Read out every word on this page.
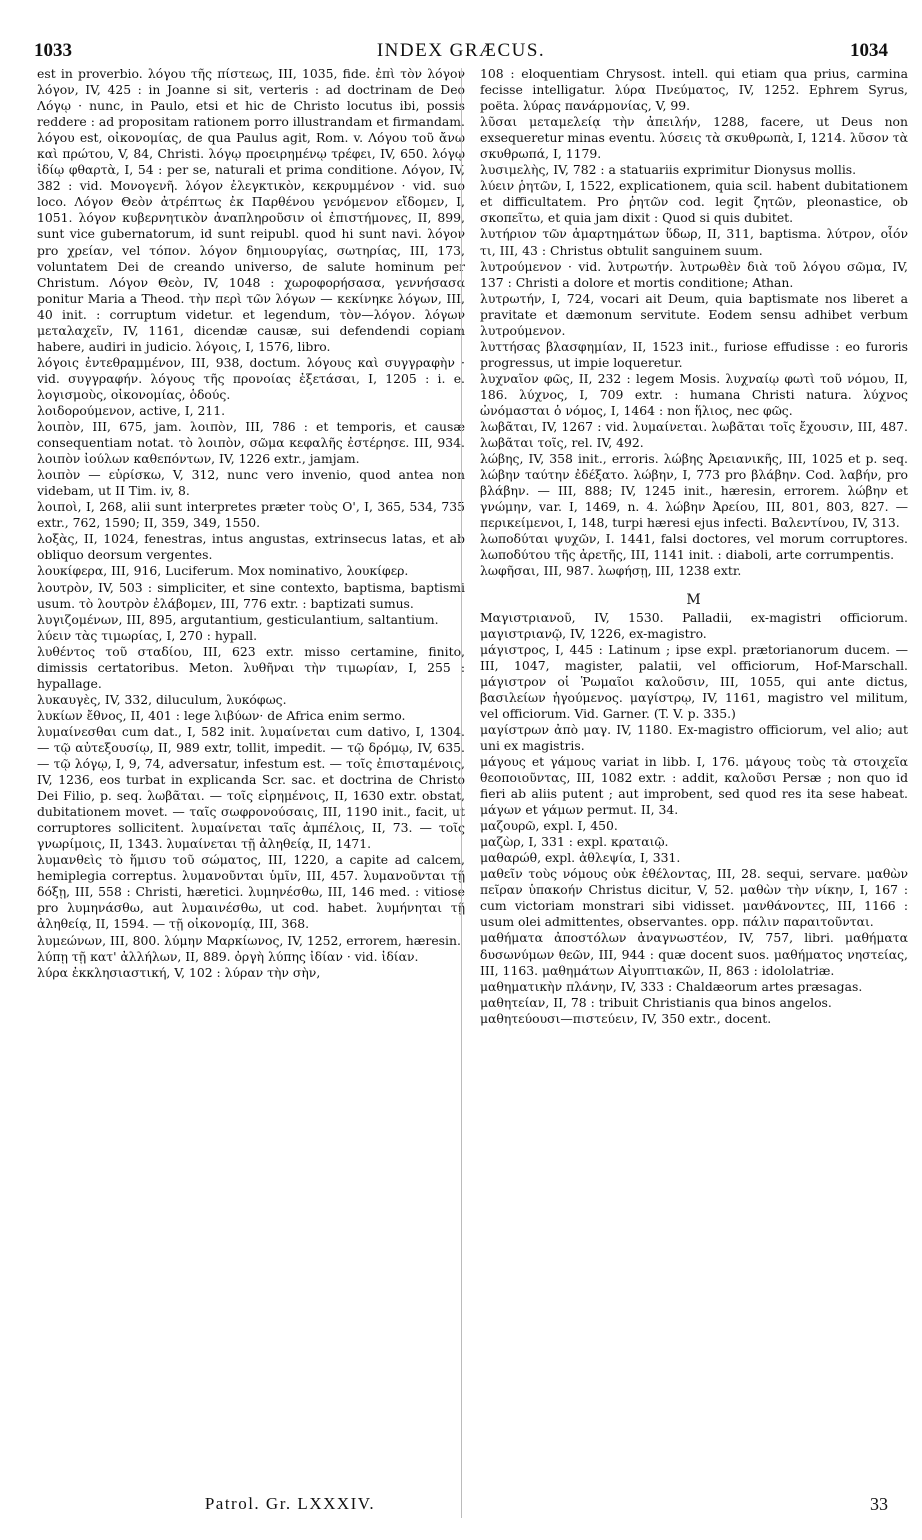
1033	INDEX GRÆCUS.	1034

est in proverbio. λόγου τῆς πίστεως, III, 1035, fide. ἐπὶ τὸν λόγον λόγον, IV, 425 : in Joanne si sit, verteris : ad doctrinam de Deo Λόγῳ · nunc, in Paulo, etsi et hic de Christo locutus ibi, possis reddere : ad propositam rationem porro illustrandam et firmandam. λόγου est, οἰκονομίας, de qua Paulus agit, Rom. v. Λόγου τοῦ ἄνω καὶ πρώτου, V, 84, Christi. λόγῳ προειρημένῳ τρέφει, IV, 650. λόγῳ ἰδίῳ φθαρτὰ, I, 54 : per se, naturali et prima conditione. Λόγον, IV, 382 : vid. Μονογενῆ. λόγον ἐλεγκτικὸν, κεκρυμμένον · vid. suo loco. Λόγον Θεὸν ἀτρέπτως ἐκ Παρθένου γενόμενον εἴδομεν, I, 1051. λόγον κυβερνητικὸν ἀναπληροῦσιν οἱ ἐπιστήμονες, II, 899, sunt vice gubernatorum, id sunt reipubl. quod hi sunt navi. λόγον pro χρείαν, vel τόπον. λόγον δημιουργίας, σωτηρίας, III, 173, voluntatem Dei de creando universo, de salute hominum per Christum. Λόγον Θεὸν, IV, 1048 : χωροφορήσασα, γεννήσασα ponitur Maria a Theod. τὴν περὶ τῶν λόγων — κεκίνηκε λόγων, III, 40 init. : corruptum videtur. et legendum, τὸν—λόγον. λόγων μεταλαχεῖν, IV, 1161, dicendæ causæ, sui defendendi copiam habere, audiri in judicio. λόγοις, I, 1576, libro.

λόγοις ἐντεθραμμένον, III, 938, doctum. λόγους καὶ συγγραφὴν · vid. συγγραφήν. λόγους τῆς προνοίας ἐξετάσαι, I, 1205 : i. e. λογισμοὺς, οἰκονομίας, ὁδούς.

λοιδορούμενον, active, I, 211.

λοιπὸν, III, 675, jam. λοιπὸν, III, 786 : et temporis, et causæ consequentiam notat. τὸ λοιπὸν, σῶμα κεφαλῆς ἐστέρησε. III, 934. λοιπὸν ἰούλων καθεπόντων, IV, 1226 extr., jamjam.

λοιπὸν — εὑρίσκω, V, 312, nunc vero invenio, quod antea non videbam, ut II Tim. iv, 8.

λοιποὶ, I, 268, alii sunt interpretes præter τοὺς Ο', I, 365, 534, 735 extr., 762, 1590; II, 359, 349, 1550.

λοξὰς, II, 1024, fenestras, intus angustas, extrinsecus latas, et ab obliquo deorsum vergentes.

λουκίφερα, III, 916, Luciferum. Mox nominativo, λουκίφερ.

λουτρὸν, IV, 503 : simpliciter, et sine contexto, baptisma, baptismi usum. τὸ λουτρὸν ἐλάβομεν, III, 776 extr. : baptizati sumus.

λυγιζομένων, III, 895, argutantium, gesticulantium, saltantium.

λύειν τὰς τιμωρίας, I, 270 : hypall.

λυθέντος τοῦ σταδίου, III, 623 extr. misso certamine, finito, dimissis certatoribus. Meton. λυθῆναι τὴν τιμωρίαν, I, 255 : hypallage.

λυκαυγὲς, IV, 332, diluculum, λυκόφως.

λυκίων ἔθνος, II, 401 : lege λιβύων· de Africa enim sermo.

λυμαίνεσθαι cum dat., I, 582 init. λυμαίνεται cum dativo, I, 1304. — τῷ αὐτεξουσίῳ, II, 989 extr, tollit, impedit. — τῷ δρόμῳ, IV, 635. — τῷ λόγῳ, I, 9, 74, adversatur, infestum est. — τοῖς ἐπισταμένοις, IV, 1236, eos turbat in explicanda Scr. sac. et doctrina de Christo Dei Filio, p. seq. λωβᾶται. — τοῖς εἰρημένοις, II, 1630 extr. obstat, dubitationem movet. — ταῖς σωφρονούσαις, III, 1190 init., facit, ut corruptores sollicitent. λυμαίνεται ταῖς ἀμπέλοις, II, 73. — τοῖς γνωρίμοις, II, 1343. λυμαίνεται τῇ ἀληθείᾳ, II, 1471.

λυμανθεὶς τὸ ἥμισυ τοῦ σώματος, III, 1220, a capite ad calcem, hemiplegia correptus. λυμανοῦνται ὑμῖν, III, 457. λυμανοῦνται τῇ δόξῃ, III, 558 : Christi, hæretici. λυμηνέσθω, III, 146 med. : vitiose pro λυμηνάσθω, aut λυμαινέσθω, ut cod. habet. λυμήνηται τῇ ἀληθείᾳ, II, 1594. — τῇ οἰκονομίᾳ, III, 368.

λυμεώνων, III, 800. λύμην Μαρκίωνος, IV, 1252, errorem, hæresin.

λύπῃ τῇ κατ' ἀλλήλων, II, 889. ὀργὴ λύπης ἰδίαν · vid. ἰδίαν.

λύρα ἐκκλησιαστική, V, 102 : λύραν τὴν σὴν,

108 : eloquentiam Chrysost. intell. qui etiam qua prius, carmina fecisse intelligatur. λύρα Πνεύματος, IV, 1252. Ephrem Syrus, poëta. λύρας πανάρμονίας, V, 99.

λῦσαι μεταμελείᾳ τὴν ἀπειλήν, 1288, facere, ut Deus non exsequeretur minas eventu. λύσεις τὰ σκυθρωπὰ, I, 1214. λῦσον τὰ σκυθρωπά, I, 1179.

λυσιμελὴς, IV, 782 : a statuariis exprimitur Dionysus mollis.

λύειν ῥητῶν, I, 1522, explicationem, quia scil. habent dubitationem et difficultatem. Pro ῥητῶν cod. legit ζητῶν, pleonastice, ob σκοπεῖτω, et quia jam dixit : Quod si quis dubitet.

λυτήριον τῶν ἁμαρτημάτων ὕδωρ, II, 311, baptisma. λύτρον, οἷόν τι, III, 43 : Christus obtulit sanguinem suum.

λυτρούμενον · vid. λυτρωτήν. λυτρωθὲν διὰ τοῦ λόγου σῶμα, IV, 137 : Christi a dolore et mortis conditione; Athan.

λυτρωτήν, I, 724, vocari ait Deum, quia baptismate nos liberet a pravitate et dæmonum servitute. Eodem sensu adhibet verbum λυτρούμενον.

λυττήσας βλασφημίαν, II, 1523 init., furiose effudisse : eo furoris progressus, ut impie loqueretur.

λυχναῖον φῶς, II, 232 : legem Mosis. λυχναίῳ φωτὶ τοῦ νόμου, II, 186. λύχνος, I, 709 extr. : humana Christi natura. λύχνος ὠνόμασται ὁ νόμος, I, 1464 : non ἥλιος, nec φῶς.

λωβᾶται, IV, 1267 : vid. λυμαίνεται. λωβᾶται τοῖς ἔχουσιν, III, 487. λωβᾶται τοῖς, rel. IV, 492.

λώβης, IV, 358 init., erroris. λώβης Ἀρειανικῆς, III, 1025 et p. seq. λώβην ταύτην ἐδέξατο. λώβην, I, 773 pro βλάβην. Cod. λαβήν, pro βλάβην. — III, 888; IV, 1245 init., hæresin, errorem. λώβην et γνώμην, var. I, 1469, n. 4. λώβην Ἀρείου, III, 801, 803, 827. — περικείμενοι, I, 148, turpi hæresi ejus infecti. Βαλεντίνου, IV, 313.

λωποδύται ψυχῶν, I. 1441, falsi doctores, vel morum corruptores. λωποδύτου τῆς ἀρετῆς, III, 1141 init. : diaboli, arte corrumpentis.

λωφῆσαι, III, 987. λωφήσῃ, III, 1238 extr.

M

Μαγιστριανοῦ, IV, 1530. Palladii, ex-magistri officiorum. μαγιστριανῷ, IV, 1226, ex-magistro.

μάγιστρος, I, 445 : Latinum ; ipse expl. prætorianorum ducem. — III, 1047, magister, palatii, vel officiorum, Hof-Marschall. μάγιστρον οἱ Ῥωμαῖοι καλοῦσιν, III, 1055, qui ante dictus, βασιλείων ἡγούμενος. μαγίστρῳ, IV, 1161, magistro vel militum, vel officiorum. Vid. Garner. (T. V. p. 335.)

μαγίστρων ἀπὸ μαγ. IV, 1180. Ex-magistro officiorum, vel alio; aut uni ex magistris.

μάγους et γάμους variat in libb. I, 176. μάγους τοὺς τὰ στοιχεῖα θεοποιοῦντας, III, 1082 extr. : addit, καλοῦσι Persæ ; non quo id fieri ab aliis putent ; aut improbent, sed quod res ita sese habeat. μάγων et γάμων permut. II, 34.

μαζουρῶ, expl. I, 450.

μαζὼρ, I, 331 : expl. κραταιῷ.

μαθαρώθ, expl. ἀθλεψία, I, 331.

μαθεῖν τοὺς νόμους οὐκ ἐθέλοντας, III, 28. sequi, servare. μαθὼν πεῖραν ὑπακοήν Christus dicitur, V, 52. μαθὼν τὴν νίκην, I, 167 : cum victoriam monstrari sibi vidisset. μανθάνοντες, III, 1166 : usum olei admittentes, observantes. opp. πάλιν παραιτοῦνται.

μαθήματα ἀποστόλων ἀναγνωστέον, IV, 757, libri. μαθήματα δυσωνύμων θεῶν, III, 944 : quæ docent suos. μαθήματος νηστείας, III, 1163. μαθημάτων Αἰγυπτιακῶν, II, 863 : idololatriæ.

μαθηματικὴν πλάνην, IV, 333 : Chaldæorum artes præsagas.

μαθητείαν, II, 78 : tribuit Christianis qua binos angelos.

μαθητεύουσι—πιστεύειν, IV, 350 extr., docent.

Patrol. Gr. LXXXIV.	33
